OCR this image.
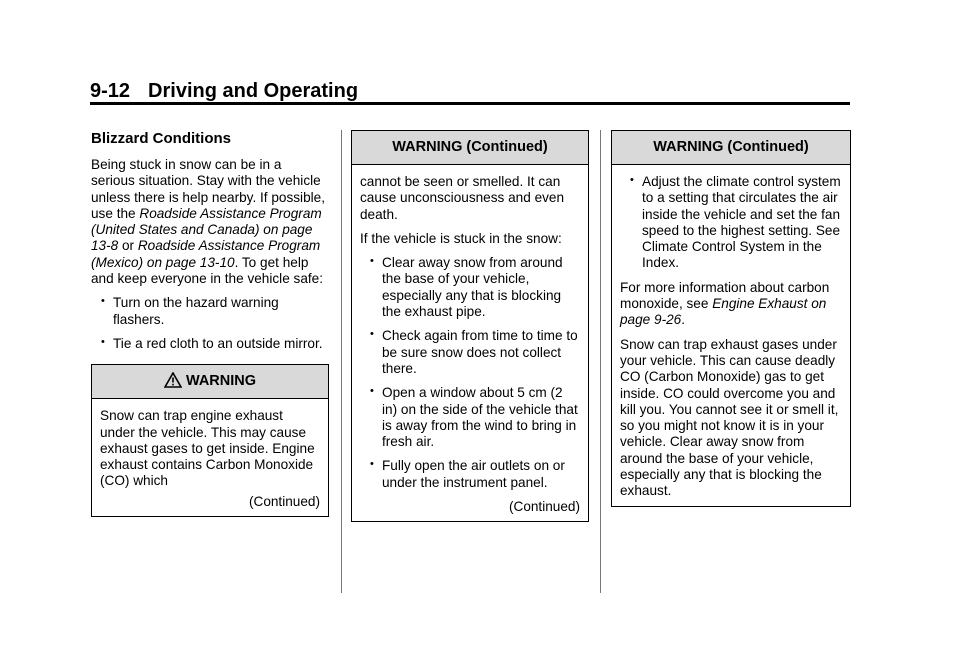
9-12 Driving and Operating
Blizzard Conditions

Being stuck in snow can be in a serious situation. Stay with the vehicle unless there is help nearby. If possible, use the Roadside Assistance Program (United States and Canada) on page 13-8 or Roadside Assistance Program (Mexico) on page 13-10. To get help and keep everyone in the vehicle safe:

• Turn on the hazard warning flashers.
• Tie a red cloth to an outside mirror.
WARNING
Snow can trap engine exhaust under the vehicle. This may cause exhaust gases to get inside. Engine exhaust contains Carbon Monoxide (CO) which
(Continued)
WARNING (Continued)

cannot be seen or smelled. It can cause unconsciousness and even death.

If the vehicle is stuck in the snow:

• Clear away snow from around the base of your vehicle, especially any that is blocking the exhaust pipe.
• Check again from time to time to be sure snow does not collect there.
• Open a window about 5 cm (2 in) on the side of the vehicle that is away from the wind to bring in fresh air.
• Fully open the air outlets on or under the instrument panel.
(Continued)
WARNING (Continued)
• Adjust the climate control system to a setting that circulates the air inside the vehicle and set the fan speed to the highest setting. See Climate Control System in the Index.

For more information about carbon monoxide, see Engine Exhaust on page 9-26.

Snow can trap exhaust gases under your vehicle. This can cause deadly CO (Carbon Monoxide) gas to get inside. CO could overcome you and kill you. You cannot see it or smell it, so you might not know it is in your vehicle. Clear away snow from around the base of your vehicle, especially any that is blocking the exhaust.
